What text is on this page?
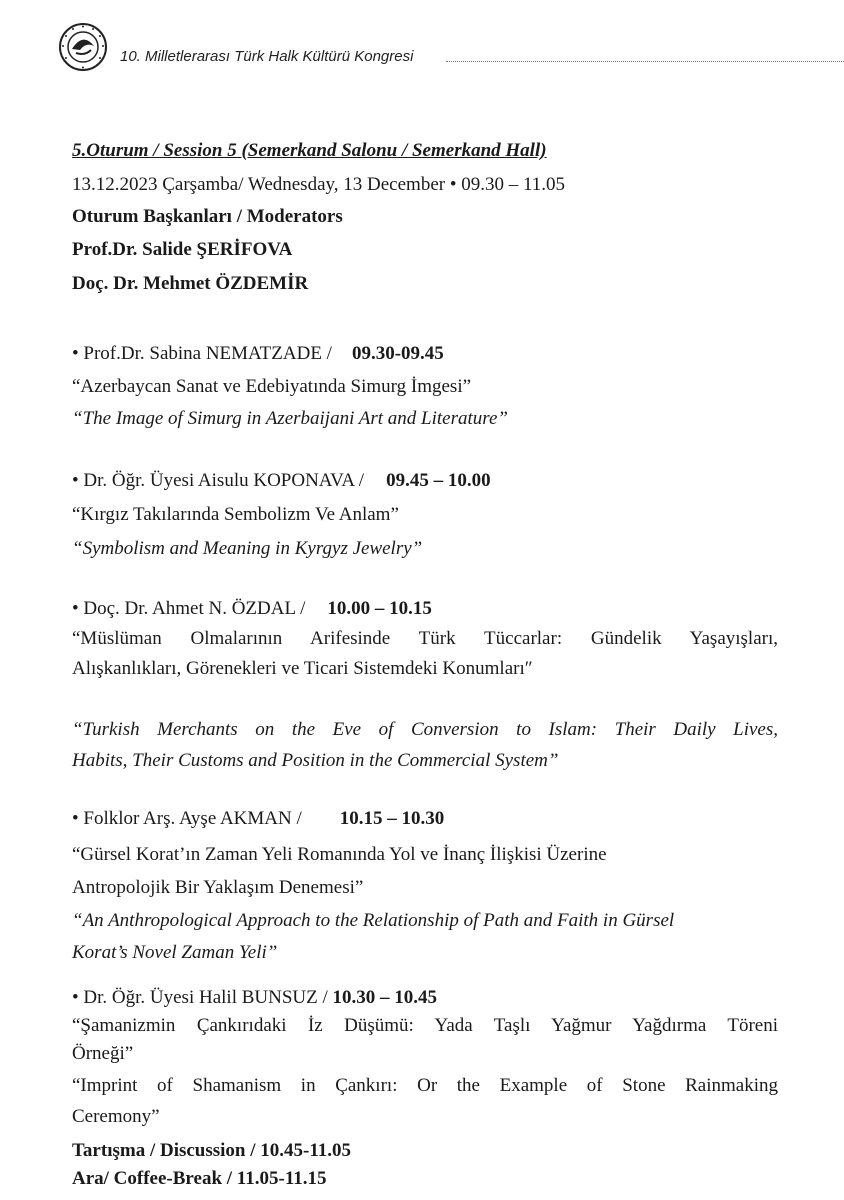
10. Milletlerarası Türk Halk Kültürü Kongresi
5.Oturum / Session 5 (Semerkand Salonu / Semerkand Hall)
13.12.2023 Çarşamba/ Wednesday, 13 December • 09.30 – 11.05
Oturum Başkanları / Moderators
Prof.Dr. Salide ŞERİFOVA
Doç. Dr. Mehmet ÖZDEMİR
• Prof.Dr. Sabina NEMATZADE / 09.30-09.45
“Azerbaycan Sanat ve Edebiyatında Simurg İmgesi”
“The Image of Simurg in Azerbaijani Art and Literature”
• Dr. Öğr. Üyesi Aisulu KOPONAVA / 09.45 – 10.00
“Kırgız Takılarında Sembolizm Ve Anlam”
“Symbolism and Meaning in Kyrgyz Jewelry”
• Doç. Dr. Ahmet N. ÖZDAL / 10.00 – 10.15
“Müslüman Olmalarının Arifesinde Türk Tüccarlar: Gündelik Yaşayışları,
Alışkanlıkları, Görenekleri ve Ticari Sistemdeki Konumları″
“Turkish Merchants on the Eve of Conversion to Islam: Their Daily Lives,
Habits, Their Customs and Position in the Commercial System”
• Folklor Arş. Ayşe AKMAN / 10.15 – 10.30
“Gürsel Korat’ın Zaman Yeli Romanında Yol ve İnanç İlişkisi Üzerine
Antropolojik Bir Yaklaşım Denemesi”
“An Anthropological Approach to the Relationship of Path and Faith in Gürsel
Korat’s Novel Zaman Yeli”
• Dr. Öğr. Üyesi Halil BUNSUZ / 10.30 – 10.45
“Şamanizmin Çankırıdaki İz Düşümü: Yada Taşlı Yağmur Yağdırma Töreni
Örneği”
“Imprint of Shamanism in Çankırı: Or the Example of Stone Rainmaking
Ceremony”
Tartışma / Discussion / 10.45-11.05
Ara/ Coffee-Break / 11.05-11.15
